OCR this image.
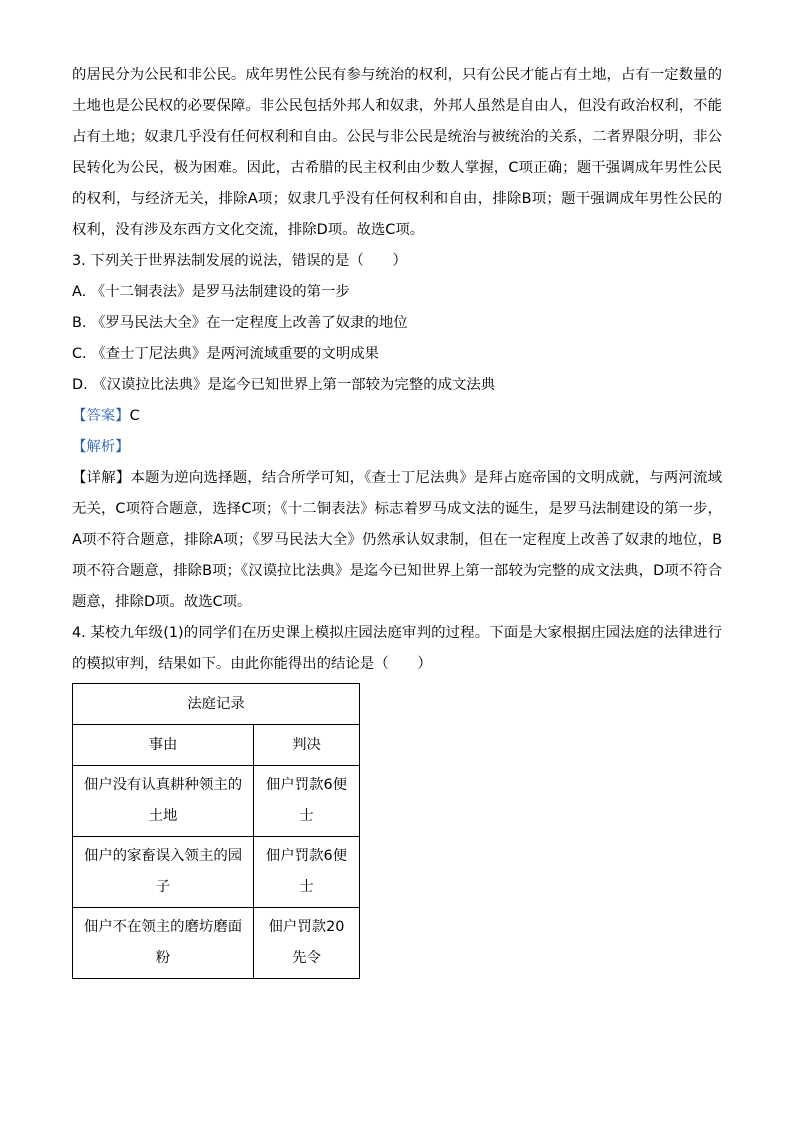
的居民分为公民和非公民。成年男性公民有参与统治的权利，只有公民才能占有土地，占有一定数量的土地也是公民权的必要保障。非公民包括外邦人和奴隶，外邦人虽然是自由人，但没有政治权利，不能占有土地；奴隶几乎没有任何权利和自由。公民与非公民是统治与被统治的关系，二者界限分明，非公民转化为公民，极为困难。因此，古希腊的民主权利由少数人掌握，C项正确；题干强调成年男性公民的权利，与经济无关，排除A项；奴隶几乎没有任何权利和自由，排除B项；题干强调成年男性公民的权利，没有涉及东西方文化交流，排除D项。故选C项。

3. 下列关于世界法制发展的说法，错误的是（　　）

A. 《十二铜表法》是罗马法制建设的第一步

B. 《罗马民法大全》在一定程度上改善了奴隶的地位

C. 《查士丁尼法典》是两河流域重要的文明成果

D. 《汉谟拉比法典》是迄今已知世界上第一部较为完整的成文法典

【答案】C

【解析】

【详解】本题为逆向选择题，结合所学可知，《查士丁尼法典》是拜占庭帝国的文明成就，与两河流域无关，C项符合题意，选择C项；《十二铜表法》标志着罗马成文法的诞生，是罗马法制建设的第一步，A项不符合题意，排除A项；《罗马民法大全》仍然承认奴隶制，但在一定程度上改善了奴隶的地位，B项不符合题意，排除B项；《汉谟拉比法典》是迄今已知世界上第一部较为完整的成文法典，D项不符合题意，排除D项。故选C项。

4. 某校九年级(1)的同学们在历史课上模拟庄园法庭审判的过程。下面是大家根据庄园法庭的法律进行的模拟审判，结果如下。由此你能得出的结论是（　　）

法庭记录	
事由	判决
佃户没有认真耕种领主的土地	佃户罚款6便士
佃户的家畜误入领主的园子	佃户罚款6便士
佃户不在领主的磨坊磨面粉	佃户罚款20先令
